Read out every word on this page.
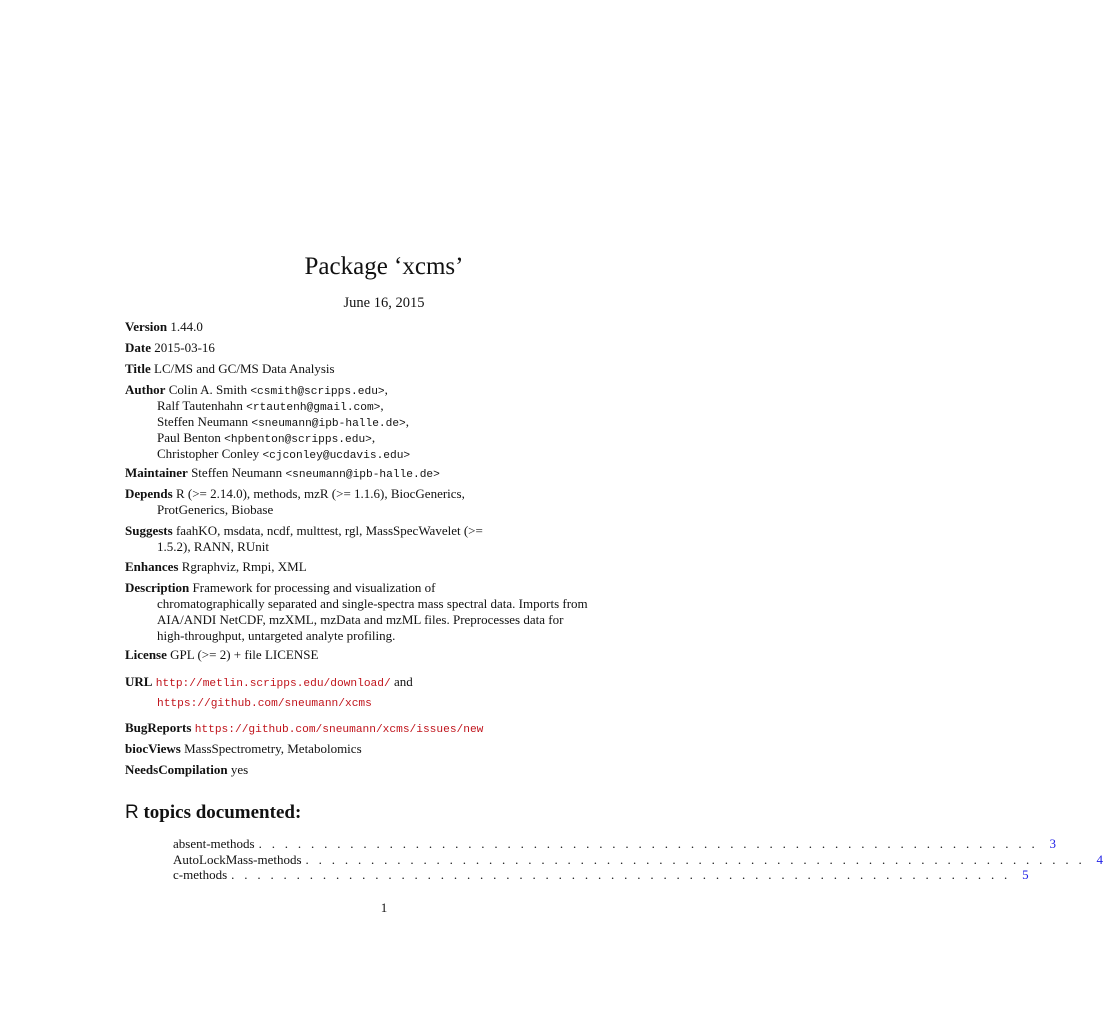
Package ‘xcms’
June 16, 2015
Version 1.44.0
Date 2015-03-16
Title LC/MS and GC/MS Data Analysis
Author Colin A. Smith <csmith@scripps.edu>,
Ralf Tautenhahn <rtautenh@gmail.com>,
Steffen Neumann <sneumann@ipb-halle.de>,
Paul Benton <hpbenton@scripps.edu>,
Christopher Conley <cjconley@ucdavis.edu>
Maintainer Steffen Neumann <sneumann@ipb-halle.de>
Depends R (>= 2.14.0), methods, mzR (>= 1.1.6), BiocGenerics,
ProtGenerics, Biobase
Suggests faahKO, msdata, ncdf, multtest, rgl, MassSpecWavelet (>=
1.5.2), RANN, RUnit
Enhances Rgraphviz, Rmpi, XML
Description Framework for processing and visualization of
chromatographically separated and single-spectra mass spectral data. Imports from
AIA/ANDI NetCDF, mzXML, mzData and mzML files. Preprocesses data for
high-throughput, untargeted analyte profiling.
License GPL (>= 2) + file LICENSE
URL http://metlin.scripps.edu/download/ and
https://github.com/sneumann/xcms
BugReports https://github.com/sneumann/xcms/issues/new
biocViews MassSpectrometry, Metabolomics
NeedsCompilation yes
R topics documented:
absent-methods . . . . . . . . . . . . . . . . . . . . . . . . . . . . . . . . . . . . . . . . . . . . . . . . . . . . . . . . . . . . 3
AutoLockMass-methods . . . . . . . . . . . . . . . . . . . . . . . . . . . . . . . . . . . . . . . . . . . . . . . . . . . . . . . . . . . . 4
c-methods . . . . . . . . . . . . . . . . . . . . . . . . . . . . . . . . . . . . . . . . . . . . . . . . . . . . . . . . . . . . 5
1
